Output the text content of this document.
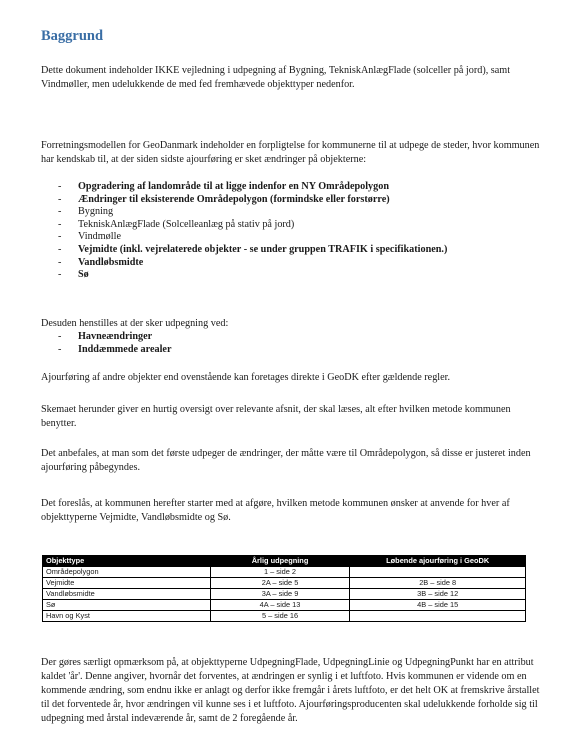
Baggrund

Dette dokument indeholder IKKE vejledning i udpegning af Bygning, TekniskAnlægFlade (solceller på jord), samt Vindmøller, men udelukkende de med fed fremhævede objekttyper nedenfor.

Forretningsmodellen for GeoDanmark indeholder en forpligtelse for kommunerne til at udpege de steder, hvor kommunen har kendskab til, at der siden sidste ajourføring er sket ændringer på objekterne:

- Opgradering af landområde til at ligge indenfor en NY Områdepolygon
- Ændringer til eksisterende Områdepolygon (formindske eller forstørre)
- Bygning
- TekniskAnlægFlade (Solcelleanlæg på stativ på jord)
- Vindmølle
- Vejmidte (inkl. vejrelaterede objekter - se under gruppen TRAFIK i specifikationen.)
- Vandløbsmidte
- Sø

Desuden henstilles at der sker udpegning ved:

- Havneændringer
- Inddæmmede arealer

Ajourføring af andre objekter end ovenstående kan foretages direkte i GeoDK efter gældende regler.

Skemaet herunder giver en hurtig oversigt over relevante afsnit, der skal læses, alt efter hvilken metode kommunen benytter.

Det anbefales, at man som det første udpeger de ændringer, der måtte være til Områdepolygon, så disse er justeret inden ajourføring påbegyndes.

Det foreslås, at kommunen herefter starter med at afgøre, hvilken metode kommunen ønsker at anvende for hver af objekttyperne Vejmidte, Vandløbsmidte og Sø.

Objekttype	Årlig udpegning	Løbende ajourføring i GeoDK
Områdepolygon	1 – side 2	
Vejmidte	2A – side 5	2B – side 8
Vandløbsmidte	3A – side 9	3B – side 12
Sø	4A – side 13	4B – side 15
Havn og Kyst	5 – side 16	

Der gøres særligt opmærksom på, at objekttyperne UdpegningFlade, UdpegningLinie og UdpegningPunkt har en attribut kaldet 'år'. Denne angiver, hvornår det forventes, at ændringen er synlig i et luftfoto. Hvis kommunen er vidende om en kommende ændring, som endnu ikke er anlagt og derfor ikke fremgår i årets luftfoto, er det helt OK at fremskrive årstallet til det forventede år, hvor ændringen vil kunne ses i et luftfoto. Ajourføringsproducenten skal udelukkende forholde sig til udpegning med årstal indeværende år, samt de 2 foregående år.
